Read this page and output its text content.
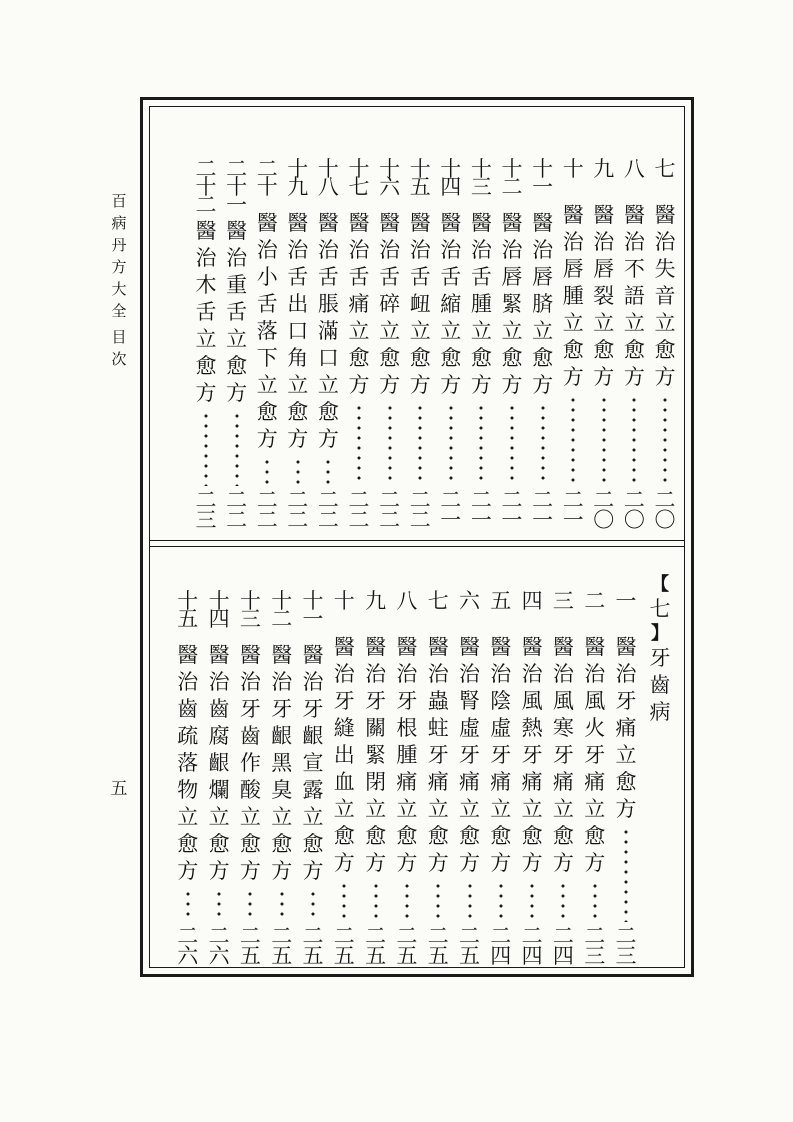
百
病
丹
方
大
全
目
次
五
七
醫
治
失
音
立
愈
方
二
〇
八
醫
治
不
語
立
愈
方
二
〇
九
醫
治
唇
裂
立
愈
方
二
〇
十
醫
治
唇
腫
立
愈
方
二
一
十
一
醫
治
唇
𦜝
立
愈
方
二
一
十
二
醫
治
唇
緊
立
愈
方
二
一
十
三
醫
治
舌
腫
立
愈
方
二
一
十
四
醫
治
舌
縮
立
愈
方
二
一
十
五
醫
治
舌
衄
立
愈
方
二
二
十
六
醫
治
舌
碎
立
愈
方
二
二
十
七
醫
治
舌
痛
立
愈
方
二
二
十
八
醫
治
舌
脹
滿
口
立
愈
方
二
二
十
九
醫
治
舌
出
口
角
立
愈
方
二
二
二
十
醫
治
小
舌
落
下
立
愈
方
二
二
二
十
一
醫
治
重
舌
立
愈
方
二
二
二
十
二
醫
治
木
舌
立
愈
方
二
三
【
七
】
牙
齒
病
一
醫
治
牙
痛
立
愈
方
二
三
二
醫
治
風
火
牙
痛
立
愈
方
二
三
三
醫
治
風
寒
牙
痛
立
愈
方
二
四
四
醫
治
風
熱
牙
痛
立
愈
方
二
四
五
醫
治
陰
虛
牙
痛
立
愈
方
二
四
六
醫
治
腎
虛
牙
痛
立
愈
方
二
五
七
醫
治
蟲
蛀
牙
痛
立
愈
方
二
五
八
醫
治
牙
根
腫
痛
立
愈
方
二
五
九
醫
治
牙
關
緊
閉
立
愈
方
二
五
十
醫
治
牙
縫
出
血
立
愈
方
二
五
十
一
醫
治
牙
齦
宣
露
立
愈
方
二
五
十
二
醫
治
牙
齦
黑
臭
立
愈
方
二
五
十
三
醫
治
牙
齒
作
酸
立
愈
方
二
五
十
四
醫
治
齒
腐
齦
爛
立
愈
方
二
六
十
五
醫
治
齒
疏
落
物
立
愈
方
二
六
